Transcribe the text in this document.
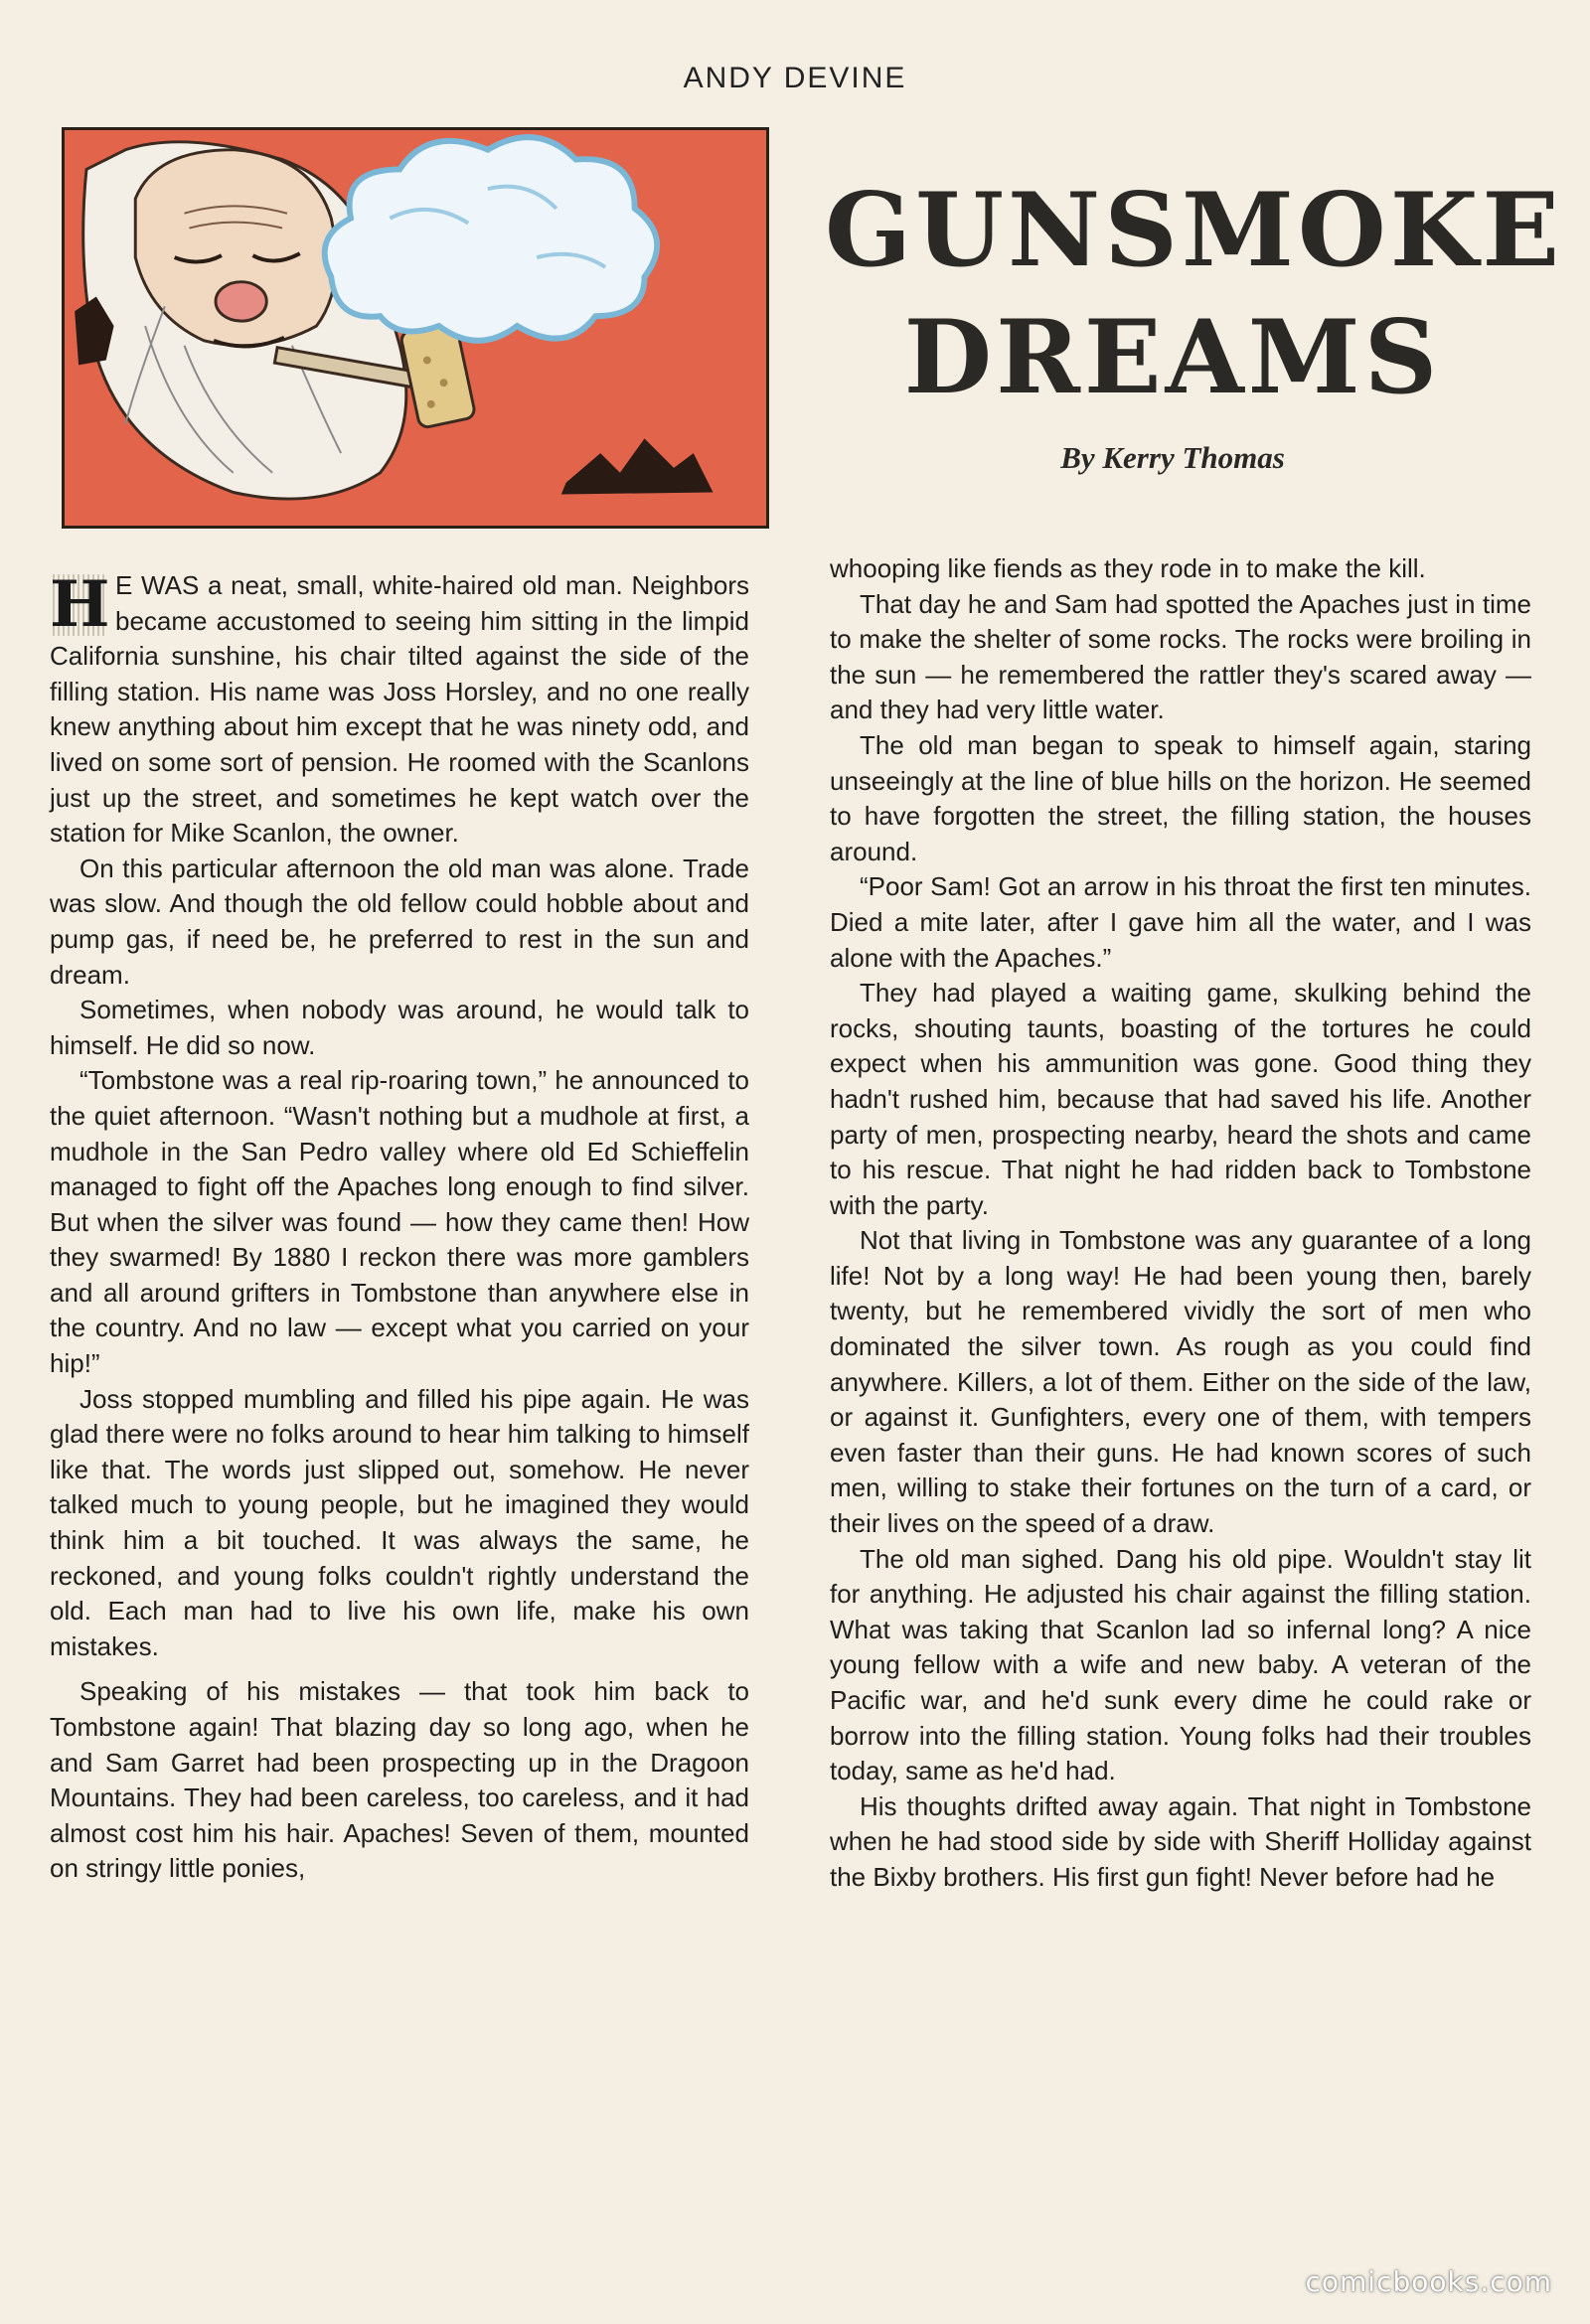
ANDY DEVINE
GUNSMOKE
DREAMS
By Kerry Thomas

H E WAS a neat, small, white-haired old man. Neighbors became accustomed to seeing him sitting in the limpid California sunshine, his chair tilted against the side of the filling station. His name was Joss Horsley, and no one really knew anything about him except that he was ninety odd, and lived on some sort of pension. He roomed with the Scanlons just up the street, and sometimes he kept watch over the station for Mike Scanlon, the owner.

On this particular afternoon the old man was alone. Trade was slow. And though the old fellow could hobble about and pump gas, if need be, he preferred to rest in the sun and dream.

Sometimes, when nobody was around, he would talk to himself. He did so now.

“Tombstone was a real rip-roaring town,” he announced to the quiet afternoon. “Wasn't nothing but a mudhole at first, a mudhole in the San Pedro valley where old Ed Schieffelin managed to fight off the Apaches long enough to find silver. But when the silver was found — how they came then! How they swarmed! By 1880 I reckon there was more gamblers and all around grifters in Tombstone than anywhere else in the country. And no law — except what you carried on your hip!”

Joss stopped mumbling and filled his pipe again. He was glad there were no folks around to hear him talking to himself like that. The words just slipped out, somehow. He never talked much to young people, but he imagined they would think him a bit touched. It was always the same, he reckoned, and young folks couldn't rightly understand the old. Each man had to live his own life, make his own mistakes.

Speaking of his mistakes — that took him back to Tombstone again! That blazing day so long ago, when he and Sam Garret had been prospecting up in the Dragoon Mountains. They had been careless, too careless, and it had almost cost him his hair. Apaches! Seven of them, mounted on stringy little ponies,

whooping like fiends as they rode in to make the kill.

That day he and Sam had spotted the Apaches just in time to make the shelter of some rocks. The rocks were broiling in the sun — he remembered the rattler they's scared away — and they had very little water.

The old man began to speak to himself again, staring unseeingly at the line of blue hills on the horizon. He seemed to have forgotten the street, the filling station, the houses around.

“Poor Sam! Got an arrow in his throat the first ten minutes. Died a mite later, after I gave him all the water, and I was alone with the Apaches.”

They had played a waiting game, skulking behind the rocks, shouting taunts, boasting of the tortures he could expect when his ammunition was gone. Good thing they hadn't rushed him, because that had saved his life. Another party of men, prospecting nearby, heard the shots and came to his rescue. That night he had ridden back to Tombstone with the party.

Not that living in Tombstone was any guarantee of a long life! Not by a long way! He had been young then, barely twenty, but he remembered vividly the sort of men who dominated the silver town. As rough as you could find anywhere. Killers, a lot of them. Either on the side of the law, or against it. Gunfighters, every one of them, with tempers even faster than their guns. He had known scores of such men, willing to stake their fortunes on the turn of a card, or their lives on the speed of a draw.

The old man sighed. Dang his old pipe. Wouldn't stay lit for anything. He adjusted his chair against the filling station. What was taking that Scanlon lad so infernal long? A nice young fellow with a wife and new baby. A veteran of the Pacific war, and he'd sunk every dime he could rake or borrow into the filling station. Young folks had their troubles today, same as he'd had.

His thoughts drifted away again. That night in Tombstone when he had stood side by side with Sheriff Holliday against the Bixby brothers. His first gun fight! Never before had he

comicbooks.com
